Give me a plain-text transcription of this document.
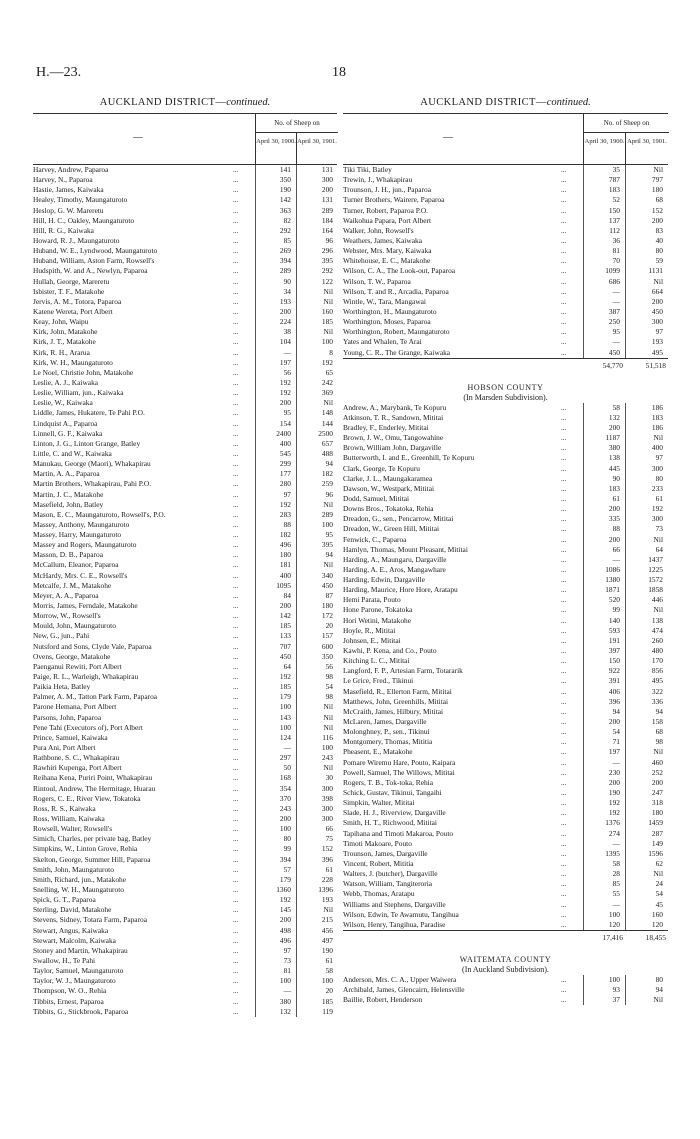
H.—23.	18
AUCKLAND DISTRICT—continued.
—
No. of Sheep on
April 30, 1900. April 30, 1901.
Harvey, Andrew, Paparoa	...	141	131
Harvey, N., Paparoa	...	350	300
Hastie, James, Kaiwaka	...	190	200
Healey, Timothy, Maungaturoto	...	142	131
Heslop, G. W. Mareretu	...	363	289
Hill, H. C., Oakley, Maungaturoto	...	82	184
Hill, R. G., Kaiwaka	...	292	164
Howard, R. J., Maungaturoto	...	85	96
Huband, W. E., Lyndwood, Maungaturoto	...	269	296
Huband, William, Aston Farm, Rowsell's	...	394	395
Hudspith, W. and A., Newlyn, Paparoa	...	289	292
Hullah, George, Mareretu	...	90	122
Isbister, T. F., Matakohe	...	34	Nil
Jervis, A. M., Totora, Paparoa	...	193	Nil
Katene Wereta, Port Albert	...	200	160
Keay, John, Waipu	...	224	185
Kirk, John, Matakohe	...	38	Nil
Kirk, J. T., Matakohe	...	104	100
Kirk, R. H., Ararua	...	—	8
Kirk, W. H., Maungaturoto	...	197	192
Le Noel, Christie John, Matakohe	...	56	65
Leslie, A. J., Kaiwaka	...	192	242
Leslie, William, jun., Kaiwaka	...	192	369
Leslie, W., Kaiwaka	...	200	Nil
Liddle, James, Hukatere, Te Pahi P.O.	...	95	148
Lindquist A., Paparoa	...	154	144
Linnell, G. F., Kaiwaka	...	2400	2500
Linton, J. G., Linton Grange, Batley	...	400	657
Little, C. and W., Kaiwaka	...	545	488
Manukau, George (Maori), Whakapirau	...	299	94
Martin, A. A., Paparoa	...	177	182
Martin Brothers, Whakapirau, Pahi P.O.	...	280	259
Martin, J. C., Matakohe	...	97	96
Masefield, John, Batley	...	192	Nil
Mason, E. C., Maungaturoto, Rowsell's, P.O.	...	283	289
Massey, Anthony, Maungaturoto	...	88	100
Massey, Harry, Maungaturoto	...	182	95
Massey and Rogers, Maungaturoto	...	496	395
Masson, D. B., Paparoa	...	180	94
McCallum, Eleanor, Paparoa	...	181	Nil
McHardy, Mrs. C. E., Rowsell's	...	400	340
Metcalfe, J. M., Matakohe	...	1095	450
Meyer, A. A., Paparoa	...	84	87
Morris, James, Ferndale, Matakohe	...	200	180
Morrow, W., Rowsell's	...	142	172
Mould, John, Maungaturoto	...	185	20
New, G., jun., Pahi	...	133	157
Nutsford and Sons, Clyde Vale, Paparoa	...	707	600
Ovens, George, Matakohe	...	450	350
Paenganui Rewiti, Port Albert	...	64	56
Paige, R. L., Warleigh, Whakapirau	...	192	98
Paikia Heta, Batley	...	185	54
Palmer, A. M., Tatton Park Farm, Paparoa	...	179	98
Parone Hemana, Port Albert	...	100	Nil
Parsons, John, Paparoa	...	143	Nil
Pene Tahi (Executors of), Port Albert	...	100	Nil
Prince, Samuel, Kaiwaka	...	124	116
Pura Ani, Port Albert	...	—	100
Rathbone, S. C., Whakapirau	...	297	243
Rawhiri Kupenga, Port Albert	...	50	Nil
Reihana Kena, Puriri Point, Whakapirau	...	168	30
Rintoul, Andrew, The Hermitage, Huarau	...	354	300
Rogers, C. E., River View, Tokatoka	...	370	398
Ross, R. S., Kaiwaka	...	243	300
Ross, William, Kaiwaka	...	200	300
Rowsell, Walter, Rowsell's	...	100	66
Simich, Charles, per private bag, Batley	...	80	75
Simpkins, W., Linton Grove, Rehia	...	99	152
Skelton, George, Summer Hill, Paparoa	...	394	396
Smith, John, Maungaturoto	...	57	61
Smith, Richard, jun., Matakohe	...	179	228
Snelling, W. H., Maungaturoto	...	1360	1396
Spick, G. T., Paparoa	...	192	193
Sterling, David, Matakohe	...	145	Nil
Stevens, Sidney, Totara Farm, Paparoa	...	200	215
Stewart, Angus, Kaiwaka	...	498	456
Stewart, Malcolm, Kaiwaka	...	496	497
Stoney and Martin, Whakapirau	...	97	190
Swallow, H., Te Pahi	...	73	61
Taylor, Samuel, Maungaturoto	...	81	58
Taylor, W. J., Maungaturoto	...	100	100
Thompson, W. O., Rehia	...	—	20
Tibbits, Ernest, Paparoa	...	380	185
Tibbits, G., Stickbrook, Paparoa	...	132	119
AUCKLAND DISTRICT—continued.
—
No. of Sheep on
April 30, 1900. April 30, 1901.
Tiki Tiki, Batley	...	35	Nil
Trewin, J., Whakapirau	...	787	797
Trounson, J. H., jun., Paparoa	...	183	180
Turner Brothers, Wairere, Paparoa	...	52	68
Turner, Robert, Paparoa P.O.	...	150	152
Waikohua Papara, Port Albert	...	137	200
Walker, John, Rowsell's	...	112	83
Weathers, James, Kaiwaka	...	36	40
Webster, Mrs. Mary, Kaiwaka	...	81	80
Whitehouse, E. C., Matakohe	...	70	59
Wilson, C. A., The Look-out, Paparoa	...	1099	1131
Wilson, T. W., Paparoa	...	686	Nil
Wilson, T. and R., Arcadia, Paparoa	...	—	664
Wintle, W., Tara, Mangawai	...	—	200
Worthington, H., Maungaturoto	...	387	450
Worthington, Moses, Paparoa	...	250	300
Worthington, Robert, Maungaturoto	...	95	97
Yates and Whalen, Te Arai	...	—	193
Young, C. R., The Grange, Kaiwaka	...	450	495
54,770	51,518
HOBSON COUNTY
(In Marsden Subdivision).
Andrew, A., Marybank, Te Kopuru	...	58	186
Atkinson, T. R., Sandown, Mititai	...	132	183
Bradley, F., Enderley, Mititai	...	200	186
Brown, J. W., Omu, Tangowahine	...	1187	Nil
Brown, William John, Dargaville	...	380	400
Butterworth, I. and E., Greenhill, Te Kopuru	...	138	97
Clark, George, Te Kopuru	...	445	300
Clarke, J. L., Maungakaramea	...	90	80
Dawson, W., Westpark, Mititai	...	183	233
Dodd, Samuel, Mititai	...	61	61
Downs Bros., Tokatoka, Rehia	...	200	192
Dreadon, G., sen., Pencarrow, Mititai	...	335	300
Dreadon, W., Green Hill, Mititai	...	88	73
Fenwick, C., Paparoa	...	200	Nil
Hamlyn, Thomas, Mount Pleasant, Mititai	...	66	64
Harding, A., Maungaru, Dargaville	...	—	1437
Harding, A. E., Aros, Mangawhare	...	1086	1225
Harding, Edwin, Dargaville	...	1380	1572
Harding, Maurice, Hore Hore, Aratapu	...	1871	1858
Hemi Parata, Pouto	...	520	446
Hone Parone, Tokatoka	...	99	Nil
Hori Wetini, Matakohe	...	140	138
Hoyle, R., Mititai	...	593	474
Johnsen, E., Mititai	...	191	260
Kawhi, P. Kena, and Co., Pouto	...	397	480
Kitching L. C., Mititai	...	150	170
Langford, F. P., Artesian Farm, Totararik	...	922	856
Le Grice, Fred., Tikinui	...	391	495
Masefield, R., Ellerton Farm, Mititai	...	406	322
Matthews, John, Greenhills, Mititai	...	396	336
McCraith, James, Hilbury, Mititai	...	94	94
McLaren, James, Dargaville	...	200	158
Molonghney, P., sen., Tikinui	...	54	68
Montgomery, Thomas, Mititia	...	71	98
Pheasent, E., Matakohe	...	197	Nil
Pomare Wiremu Hare, Pouto, Kaipara	...	—	460
Powell, Samuel, The Willows, Mititai	...	230	252
Rogers, T. B., Tok-toka, Rehia	...	200	200
Schick, Gustav, Tikinui, Tangaihi	...	190	247
Simpkin, Walter, Mititai	...	192	318
Slade, H. J., Riverview, Dargaville	...	192	180
Smith, H. T., Richwood, Mititai	...	1376	1459
Tapihana and Timoti Makaroa, Pouto	...	274	287
Timoti Makoare, Pouto	...	—	149
Trounson, James, Dargaville	...	1395	1596
Vincent, Robert, Mititia	...	58	62
Walters, J. (butcher), Dargaville	...	28	Nil
Watson, William, Tangiteroria	...	85	24
Webb, Thomas, Aratapu	...	55	54
Williams and Stephens, Dargaville	...	—	45
Wilson, Edwin, Te Awamutu, Tangihua	...	100	160
Wilson, Henry, Tangihua, Paradise	...	120	120
17,416	18,455
WAITEMATA COUNTY
(In Auckland Subdivision).
Anderson, Mrs. C. A., Upper Waiwera	...	100	80
Archibald, James, Glencairn, Helensville	...	93	94
Baillie, Robert, Henderson	...	37	Nil
